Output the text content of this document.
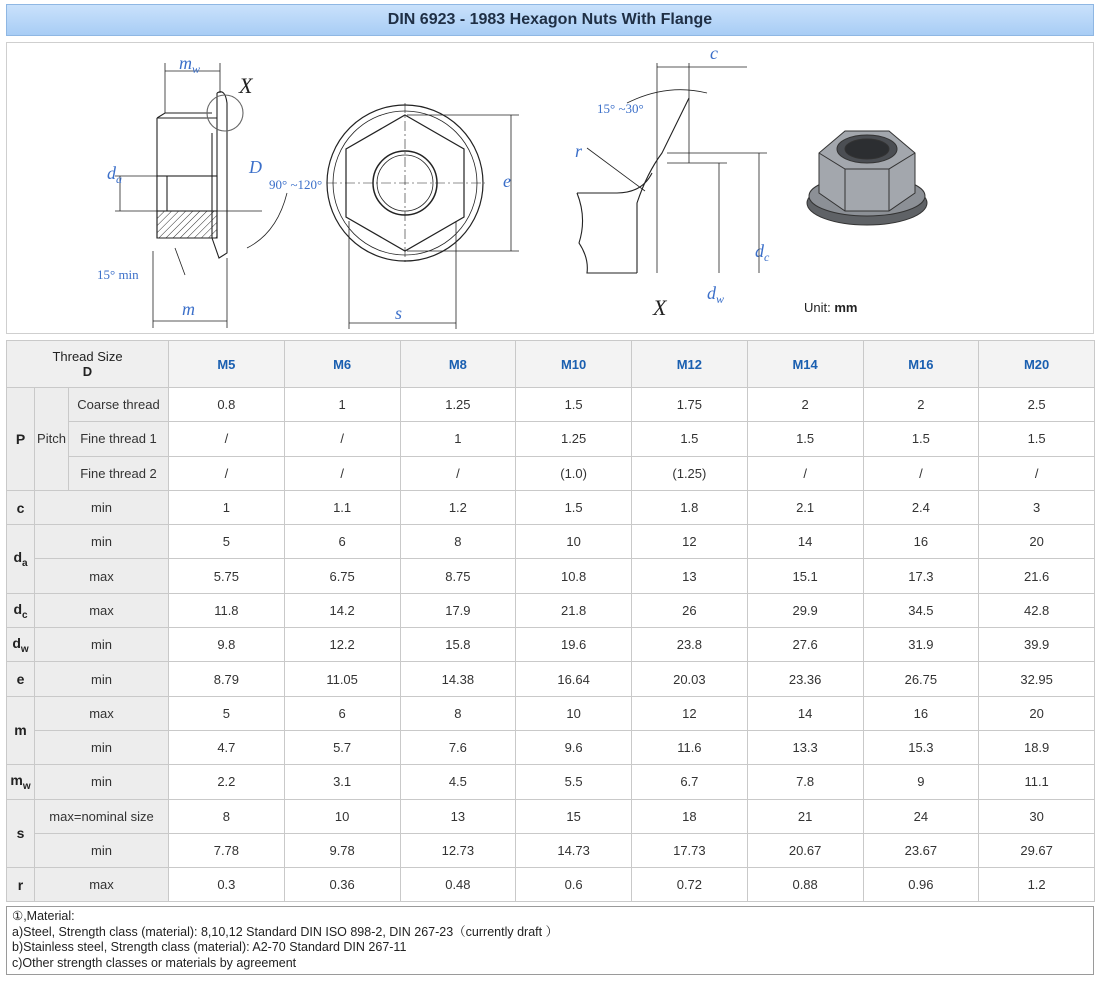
DIN 6923 - 1983 Hexagon Nuts With Flange
$m_w$
$d_a$
D
m
e
s
c
r
$d_c$
$d_w$
90° ~120°
15° min
15° ~30°
X
X	Unit: mm
Thread Size
D			M5	M6	M8	M10	M12	M14	M16	M20
P	Pitch	Coarse thread	0.8	1	1.25	1.5	1.75	2	2	2.5
		Fine thread 1	/	/	1	1.25	1.5	1.5	1.5	1.5
		Fine thread 2	/	/	/	(1.0)	(1.25)	/	/	/
c	min		1	1.1	1.2	1.5	1.8	2.1	2.4	3
$d_a$	min		5	6	8	10	12	14	16	20
	max		5.75	6.75	8.75	10.8	13	15.1	17.3	21.6
$d_c$	max		11.8	14.2	17.9	21.8	26	29.9	34.5	42.8
$d_w$	min		9.8	12.2	15.8	19.6	23.8	27.6	31.9	39.9
e	min		8.79	11.05	14.38	16.64	20.03	23.36	26.75	32.95
m	max		5	6	8	10	12	14	16	20
	min		4.7	5.7	7.6	9.6	11.6	13.3	15.3	18.9
$m_w$	min		2.2	3.1	4.5	5.5	6.7	7.8	9	11.1
s	max=nominal size		8	10	13	15	18	21	24	30
	min		7.78	9.78	12.73	14.73	17.73	20.67	23.67	29.67
r	max		0.3	0.36	0.48	0.6	0.72	0.88	0.96	1.2
①,Material:
a)Steel, Strength class (material): 8,10,12 Standard DIN ISO 898-2, DIN 267-23（currently draft ）
b)Stainless steel, Strength class (material): A2-70 Standard DIN 267-11
c)Other strength classes or materials by agreement
